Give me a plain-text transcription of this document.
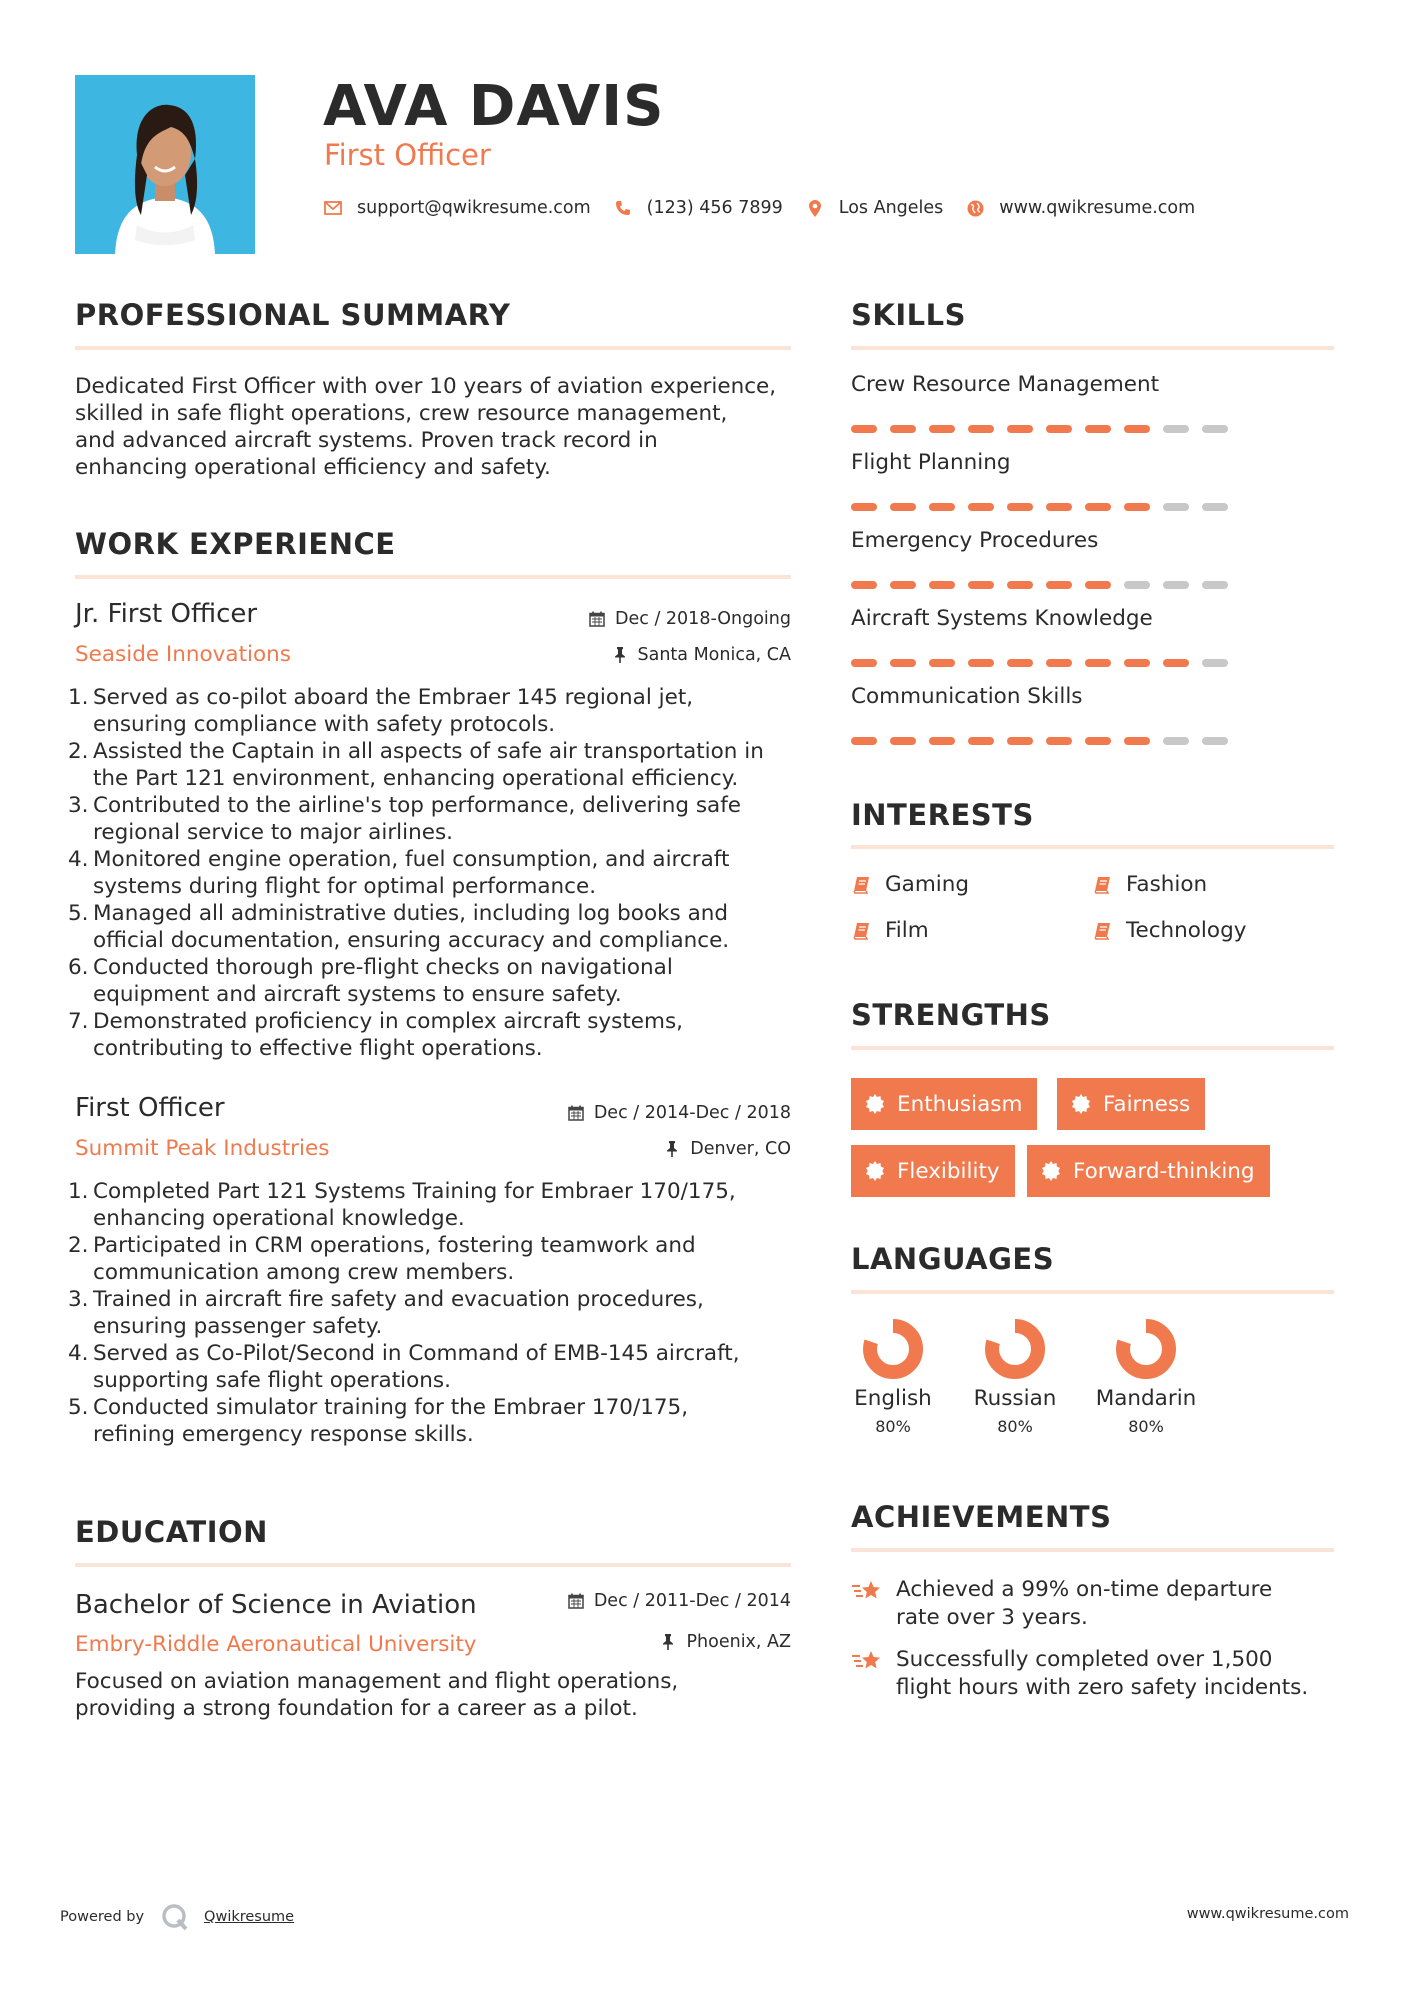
AVA DAVIS
First Officer
support@qwikresume.com	(123) 456 7899	Los Angeles	www.qwikresume.com
PROFESSIONAL SUMMARY
Dedicated First Officer with over 10 years of aviation experience,
skilled in safe flight operations, crew resource management,
and advanced aircraft systems. Proven track record in
enhancing operational efficiency and safety.
WORK EXPERIENCE
Jr. First Officer
Seaside Innovations
Dec / 2018-Ongoing
Santa Monica, CA
1. Served as co-pilot aboard the Embraer 145 regional jet,
ensuring compliance with safety protocols.
2. Assisted the Captain in all aspects of safe air transportation in
the Part 121 environment, enhancing operational efficiency.
3. Contributed to the airline's top performance, delivering safe
regional service to major airlines.
4. Monitored engine operation, fuel consumption, and aircraft
systems during flight for optimal performance.
5. Managed all administrative duties, including log books and
official documentation, ensuring accuracy and compliance.
6. Conducted thorough pre-flight checks on navigational
equipment and aircraft systems to ensure safety.
7. Demonstrated proficiency in complex aircraft systems,
contributing to effective flight operations.
First Officer
Summit Peak Industries
Dec / 2014-Dec / 2018
Denver, CO
1. Completed Part 121 Systems Training for Embraer 170/175,
enhancing operational knowledge.
2. Participated in CRM operations, fostering teamwork and
communication among crew members.
3. Trained in aircraft fire safety and evacuation procedures,
ensuring passenger safety.
4. Served as Co-Pilot/Second in Command of EMB-145 aircraft,
supporting safe flight operations.
5. Conducted simulator training for the Embraer 170/175,
refining emergency response skills.
EDUCATION
Bachelor of Science in Aviation
Embry-Riddle Aeronautical University
Dec / 2011-Dec / 2014
Phoenix, AZ
Focused on aviation management and flight operations,
providing a strong foundation for a career as a pilot.
SKILLS
Crew Resource Management
Flight Planning
Emergency Procedures
Aircraft Systems Knowledge
Communication Skills
INTERESTS
Gaming	Fashion
Film	Technology
STRENGTHS
Enthusiasm	Fairness
Flexibility	Forward-thinking
LANGUAGES
English
80%
Russian
80%
Mandarin
80%
ACHIEVEMENTS
Achieved a 99% on-time departure
rate over 3 years.
Successfully completed over 1,500
flight hours with zero safety incidents.
Powered by	Qwikresume	www.qwikresume.com
